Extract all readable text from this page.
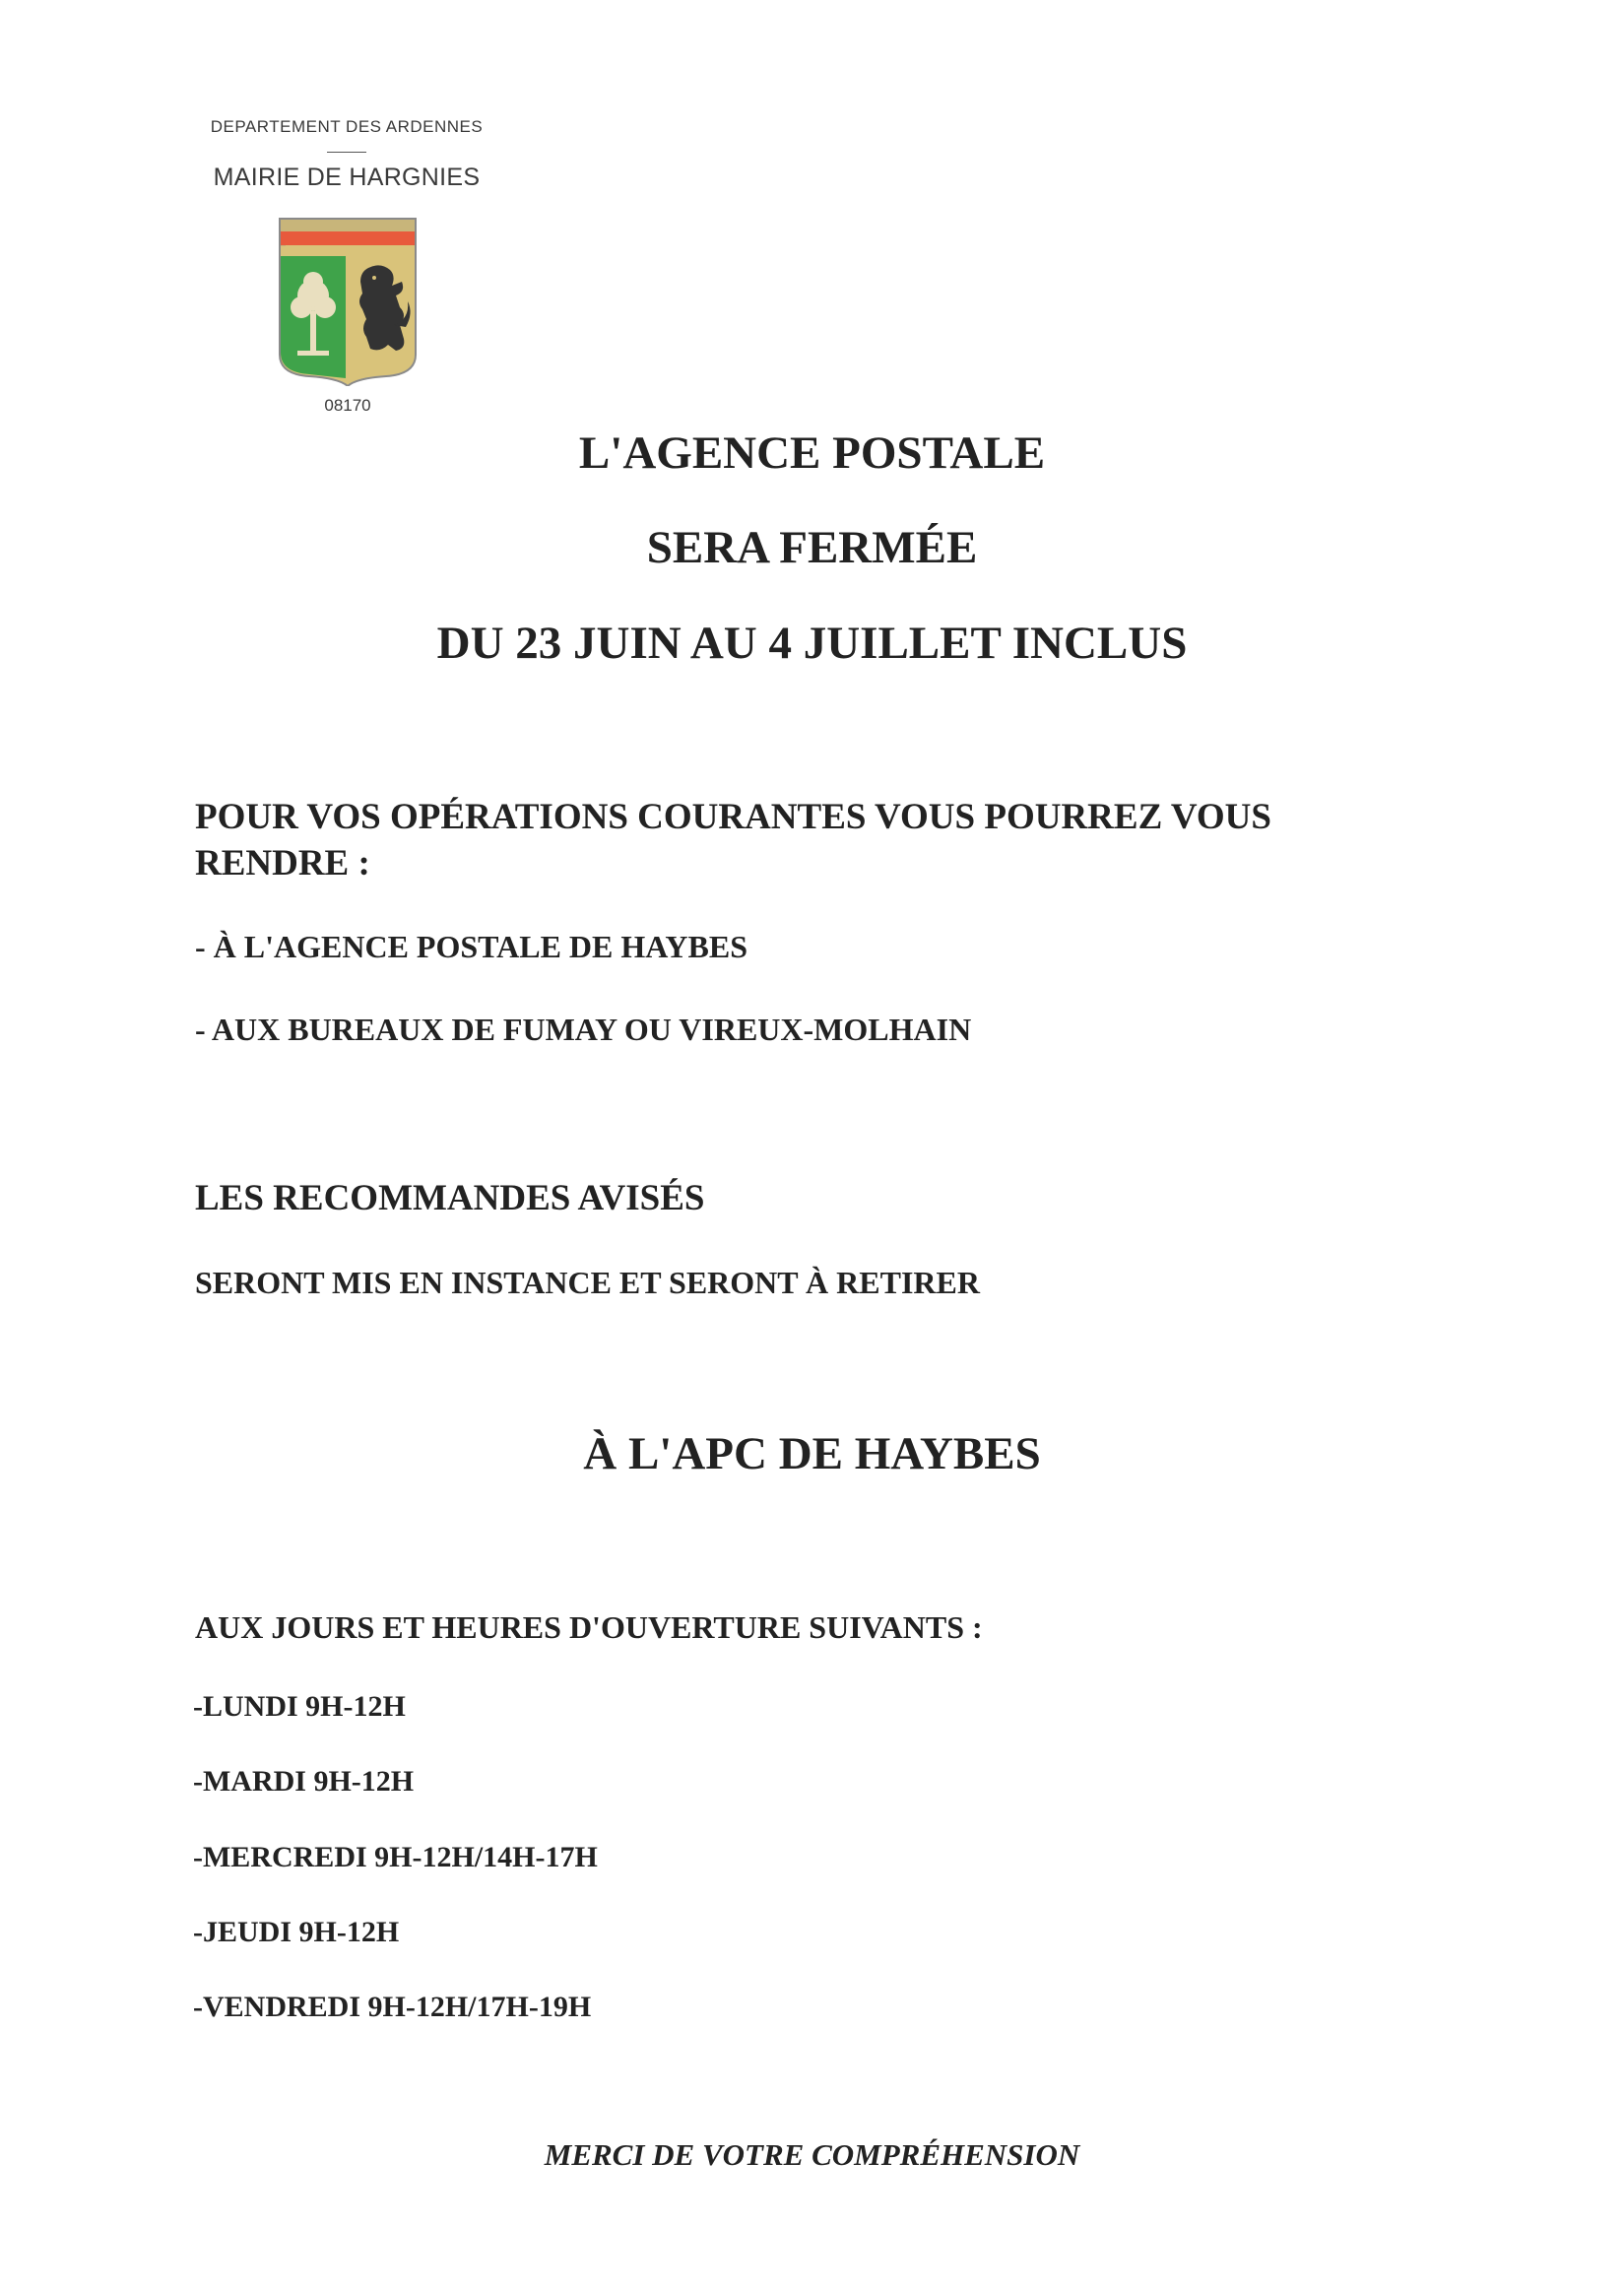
DEPARTEMENT DES ARDENNES
MAIRIE DE HARGNIES
08170
L'AGENCE POSTALE
SERA FERMÉE
DU 23 JUIN AU 4 JUILLET INCLUS
POUR VOS OPÉRATIONS COURANTES VOUS POURREZ VOUS
RENDRE :
- À L'AGENCE POSTALE DE HAYBES
- AUX BUREAUX DE FUMAY OU VIREUX-MOLHAIN
LES RECOMMANDES AVISÉS
SERONT MIS EN INSTANCE ET SERONT À RETIRER
À L'APC DE HAYBES
AUX JOURS ET HEURES D'OUVERTURE SUIVANTS :
-LUNDI 9H-12H
-MARDI 9H-12H
-MERCREDI 9H-12H/14H-17H
-JEUDI 9H-12H
-VENDREDI 9H-12H/17H-19H
MERCI DE VOTRE COMPRÉHENSION
